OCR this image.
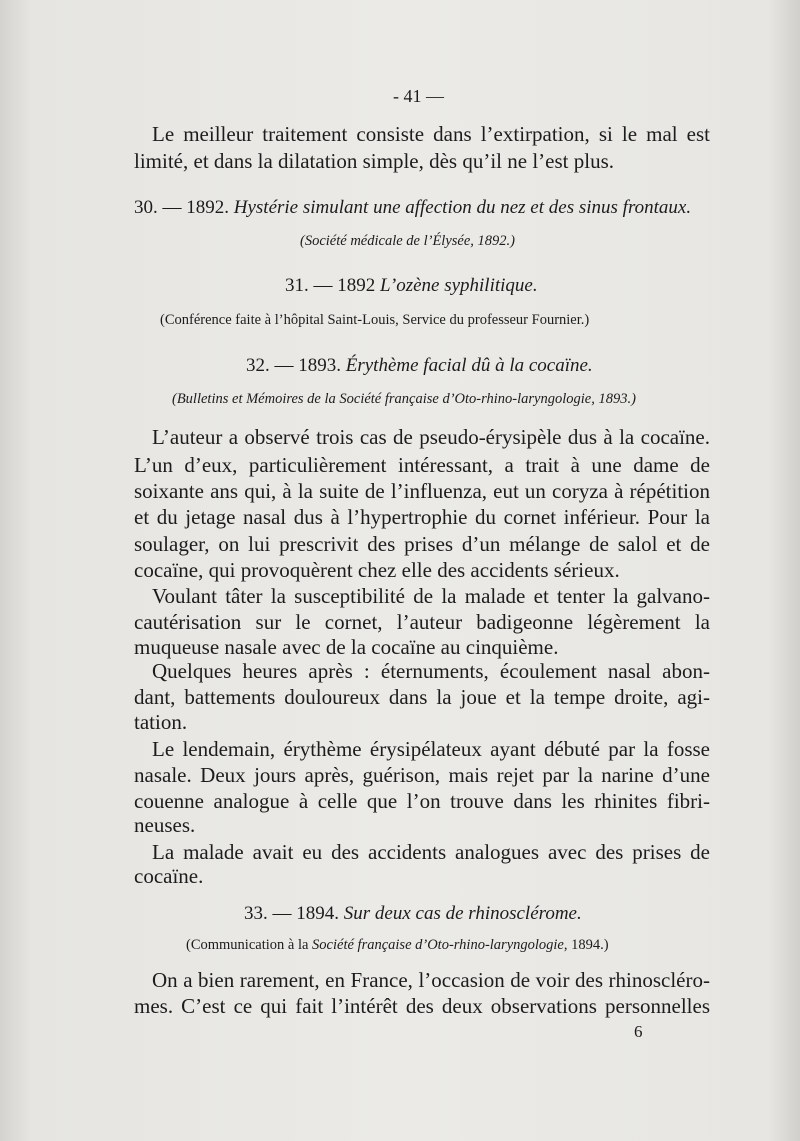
- 41 —
Le meilleur traitement consiste dans l’extirpation, si le mal est
limité, et dans la dilatation simple, dès qu’il ne l’est plus.
30. — 1892. Hystérie simulant une affection du nez et des sinus frontaux.
(Société médicale de l’Élysée, 1892.)
31. — 1892 L’ozène syphilitique.
(Conférence faite à l’hôpital Saint-Louis, Service du professeur Fournier.)
32. — 1893. Érythème facial dû à la cocaïne.
(Bulletins et Mémoires de la Société française d’Oto-rhino-laryngologie, 1893.)
L’auteur a observé trois cas de pseudo-érysipèle dus à la cocaïne.
L’un d’eux, particulièrement intéressant, a trait à une dame de
soixante ans qui, à la suite de l’influenza, eut un coryza à répétition
et du jetage nasal dus à l’hypertrophie du cornet inférieur. Pour la
soulager, on lui prescrivit des prises d’un mélange de salol et de
cocaïne, qui provoquèrent chez elle des accidents sérieux.
Voulant tâter la susceptibilité de la malade et tenter la galvano-
cautérisation sur le cornet, l’auteur badigeonne légèrement la
muqueuse nasale avec de la cocaïne au cinquième.
Quelques heures après : éternuments, écoulement nasal abon-
dant, battements douloureux dans la joue et la tempe droite, agi-
tation.
Le lendemain, érythème érysipélateux ayant débuté par la fosse
nasale. Deux jours après, guérison, mais rejet par la narine d’une
couenne analogue à celle que l’on trouve dans les rhinites fibri-
neuses.
La malade avait eu des accidents analogues avec des prises de
cocaïne.
33. — 1894. Sur deux cas de rhinosclérome.
(Communication à la Société française d’Oto-rhino-laryngologie, 1894.)
On a bien rarement, en France, l’occasion de voir des rhinoscléro-
mes. C’est ce qui fait l’intérêt des deux observations personnelles
6
